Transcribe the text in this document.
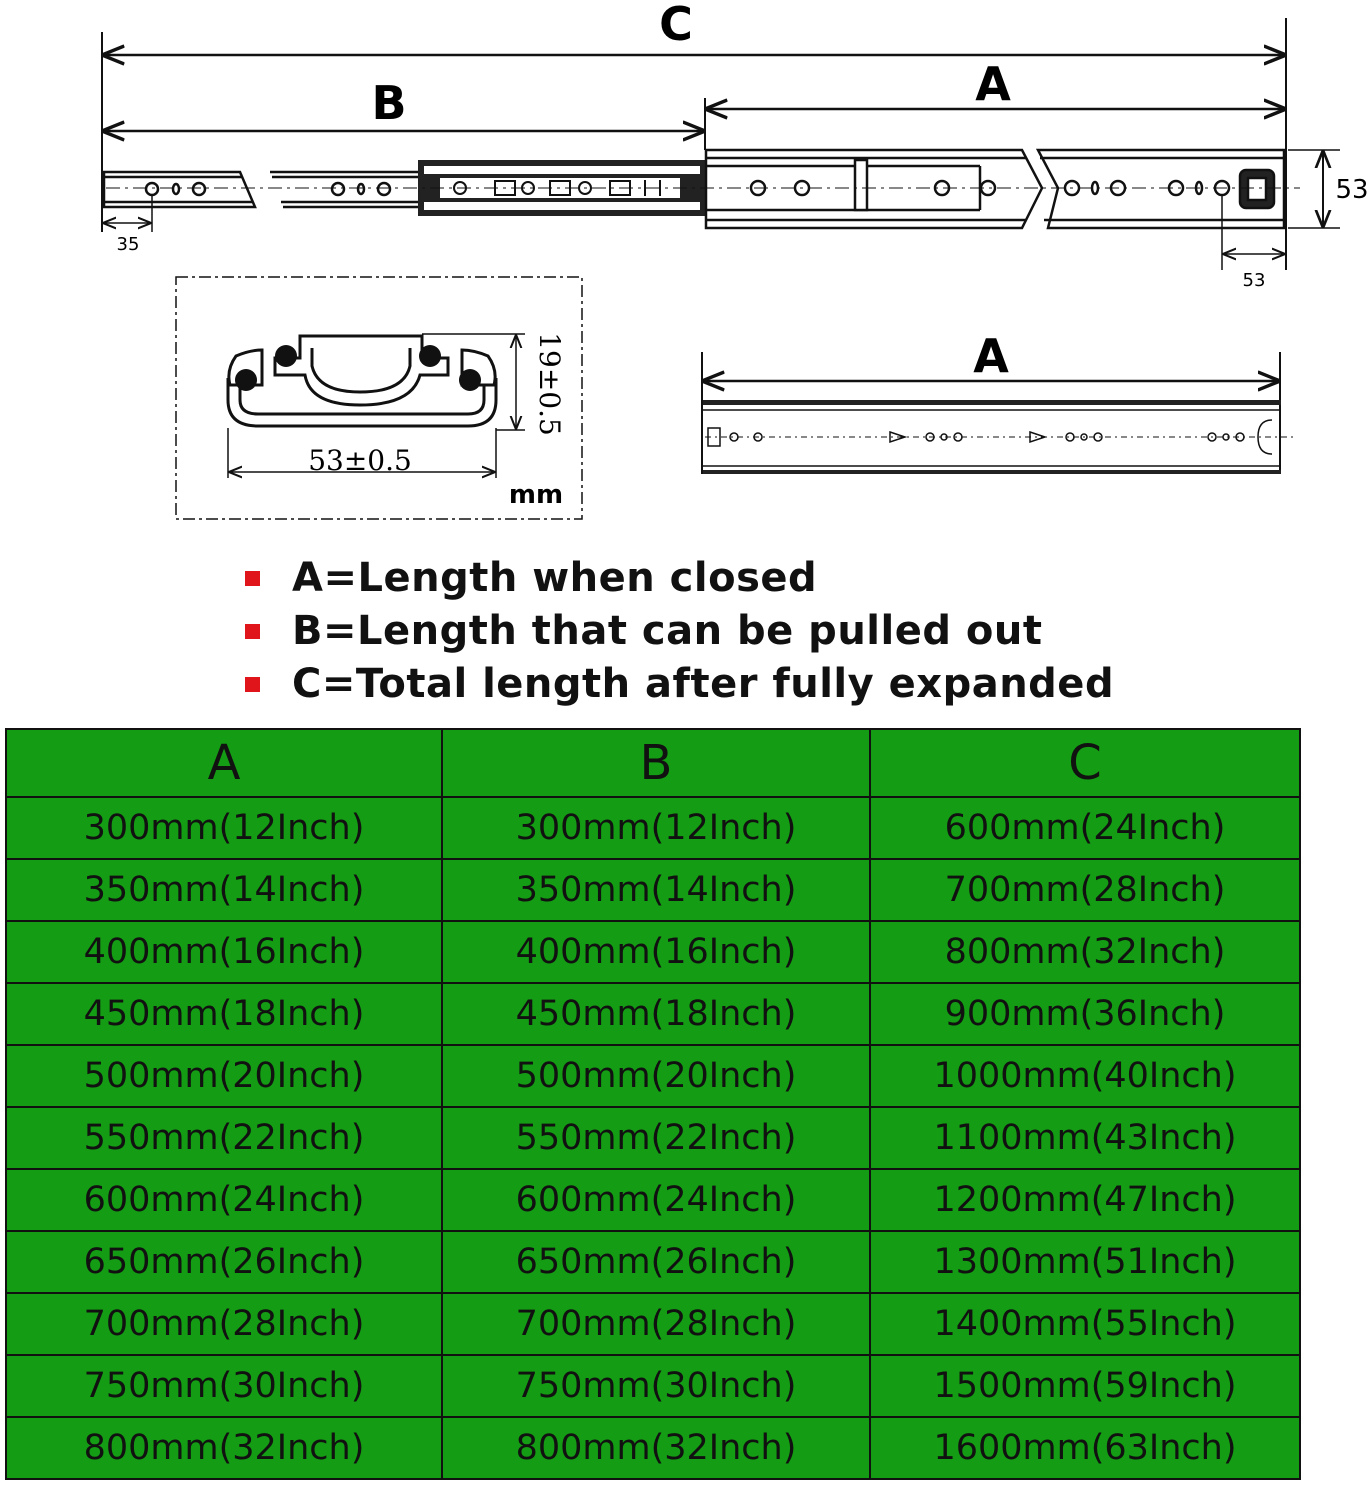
C
B	A
53
35
53
19±0.5
53±0.5
mm
A
A=Length when closed
B=Length that can be pulled out
C=Total length after fully expanded
A	B	C
300mm(12Inch)	300mm(12Inch)	600mm(24Inch)
350mm(14Inch)	350mm(14Inch)	700mm(28Inch)
400mm(16Inch)	400mm(16Inch)	800mm(32Inch)
450mm(18Inch)	450mm(18Inch)	900mm(36Inch)
500mm(20Inch)	500mm(20Inch)	1000mm(40Inch)
550mm(22Inch)	550mm(22Inch)	1100mm(43Inch)
600mm(24Inch)	600mm(24Inch)	1200mm(47Inch)
650mm(26Inch)	650mm(26Inch)	1300mm(51Inch)
700mm(28Inch)	700mm(28Inch)	1400mm(55Inch)
750mm(30Inch)	750mm(30Inch)	1500mm(59Inch)
800mm(32Inch)	800mm(32Inch)	1600mm(63Inch)
